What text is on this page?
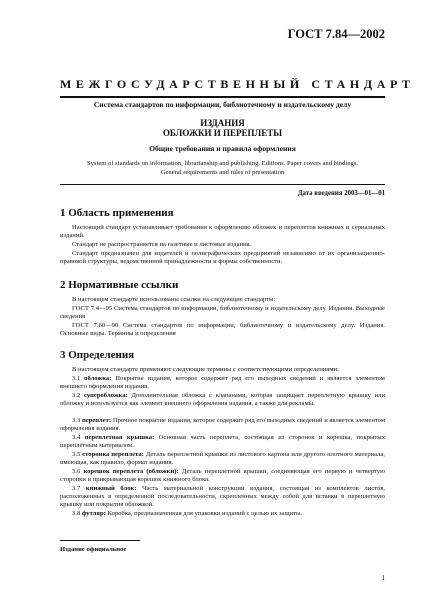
ГОСТ 7.84—2002
МЕЖГОСУДАРСТВЕННЫЙ СТАНДАРТ
Система стандартов по информации, библиотечному и издательскому делу
ИЗДАНИЯ
ОБЛОЖКИ И ПЕРЕПЛЕТЫ
Общие требования и правила оформления
System of standards on information, librarianship and publishing. Editions. Paper covers and bindings.
General requirements and rules of presentation
Дата введения 2003—01—01
1 Область применения

Настоящий стандарт устанавливает требования к оформлению обложек и переплетов книжных и сериальных изданий.

Стандарт не распространяется на газетные и листовые издания.

Стандарт предназначен для издателей и полиграфических предприятий независимо от их организационно-правовой структуры, ведомственной принадлежности и формы собственности.

2 Нормативные ссылки

В настоящем стандарте использованы ссылки на следующие стандарты:

ГОСТ 7.4—95 Система стандартов по информации, библиотечному и издательскому делу. Издания. Выходные сведения

ГОСТ 7.60—90 Система стандартов по информации, библиотечному и издательскому делу. Издания. Основные виды. Термины и определения

3 Определения

В настоящем стандарте применяют следующие термины с соответствующими определениями:

3.1 обложка: Покрытие издания, которое содержит ряд его выходных сведений и является элементом внешнего оформления издания.

3.2 суперобложка: Дополнительная обложка с клапанами, которая защищает переплетную крышку или обложку и используется как элемент внешнего оформления издания, а также для рекламы.

3.3 переплет: Прочное покрытие издания, которое содержит ряд его выходных сведений и является элементом оформления издания.

3.4 переплетная крышка: Основная часть переплета, состоящая из сторонок и корешка, покрытых переплетным материалом.

3.5 сторонка переплета: Деталь переплетной крышки из листового картона или другого плотного материала, имеющая, как правило, формат издания.

3.6 корешок переплета (обложки): Деталь переплетной крышки, соединяющая его первую и четвертую сторонки и прикрывающая корешок книжного блока.

3.7 книжный блок: Часть материальной конструкции издания, состоящая из комплектов листов, расположенных в определенной последовательности, скрепленных между собой для вставки в переплетную крышку или покрытия обложкой.

3.8 футляр: Коробка, предназначенная для упаковки изданий с целью их защиты.

Издание официальное
1
